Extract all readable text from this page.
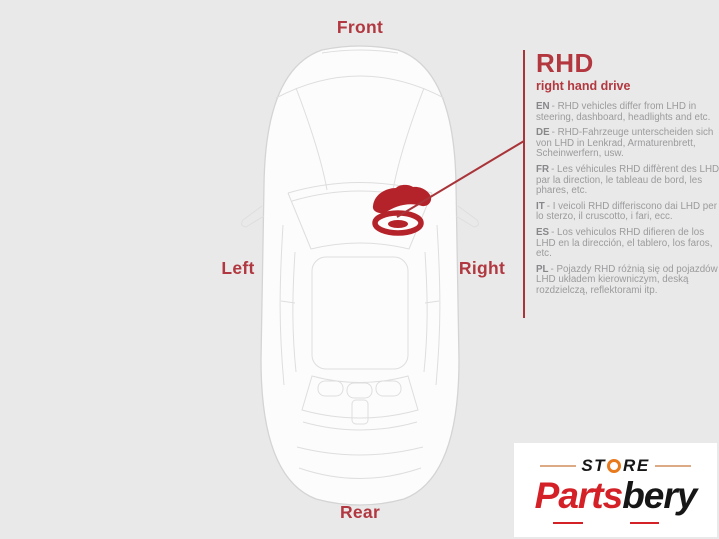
Front
Left	Right
Rear
RHD
right hand drive
EN - RHD vehicles differ from LHD in steering, dashboard, headlights and etc.
DE - RHD-Fahrzeuge unterscheiden sich von LHD in Lenkrad, Armaturenbrett, Scheinwerfern, usw.
FR - Les véhicules RHD diffèrent des LHD par la direction, le tableau de bord, les phares, etc.
IT - I veicoli RHD differiscono dai LHD per lo sterzo, il cruscotto, i fari, ecc.
ES - Los vehiculos RHD difieren de los LHD en la dirección, el tablero, los faros, etc.
PL - Pojazdy RHD różnią się od pojazdów LHD układem kierowniczym, deską rozdzielczą, reflektorami itp.
ST RE
Partsbery
